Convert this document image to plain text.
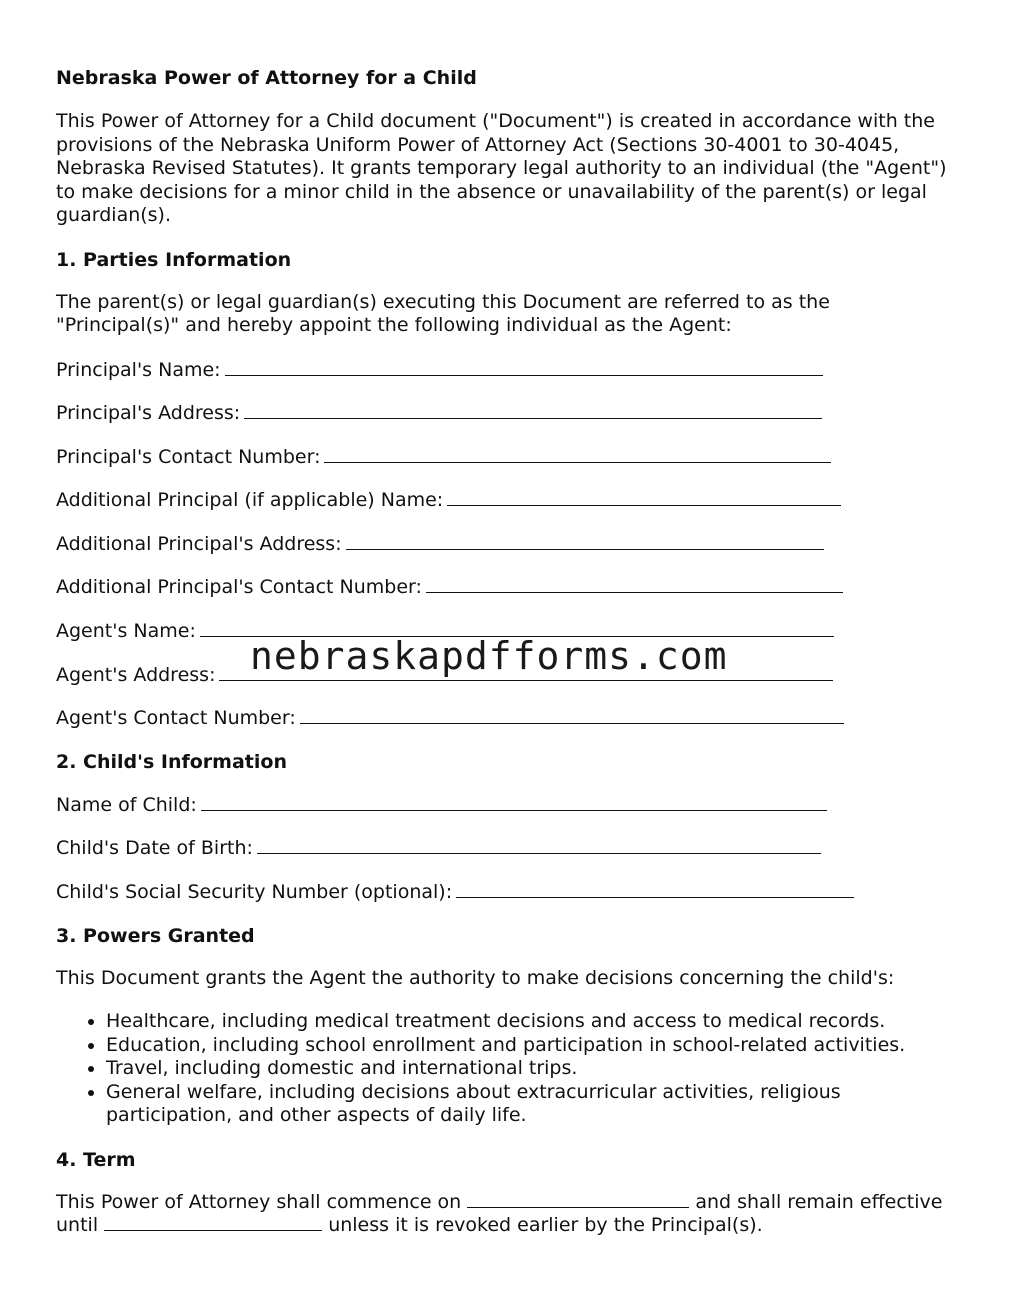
Nebraska Power of Attorney for a Child
This Power of Attorney for a Child document ("Document") is created in accordance with the provisions of the Nebraska Uniform Power of Attorney Act (Sections 30-4001 to 30-4045, Nebraska Revised Statutes). It grants temporary legal authority to an individual (the "Agent") to make decisions for a minor child in the absence or unavailability of the parent(s) or legal guardian(s).
1. Parties Information
The parent(s) or legal guardian(s) executing this Document are referred to as the "Principal(s)" and hereby appoint the following individual as the Agent:
Principal's Name:
Principal's Address:
Principal's Contact Number:
Additional Principal (if applicable) Name:
Additional Principal's Address:
Additional Principal's Contact Number:
Agent's Name:
Agent's Address:
Agent's Contact Number:
2. Child's Information
Name of Child:
Child's Date of Birth:
Child's Social Security Number (optional):
3. Powers Granted
This Document grants the Agent the authority to make decisions concerning the child's:
• Healthcare, including medical treatment decisions and access to medical records.
• Education, including school enrollment and participation in school-related activities.
• Travel, including domestic and international trips.
• General welfare, including decisions about extracurricular activities, religious participation, and other aspects of daily life.
4. Term
This Power of Attorney shall commence on	and shall remain effective until	unless it is revoked earlier by the Principal(s).
nebraskapdfforms.com
